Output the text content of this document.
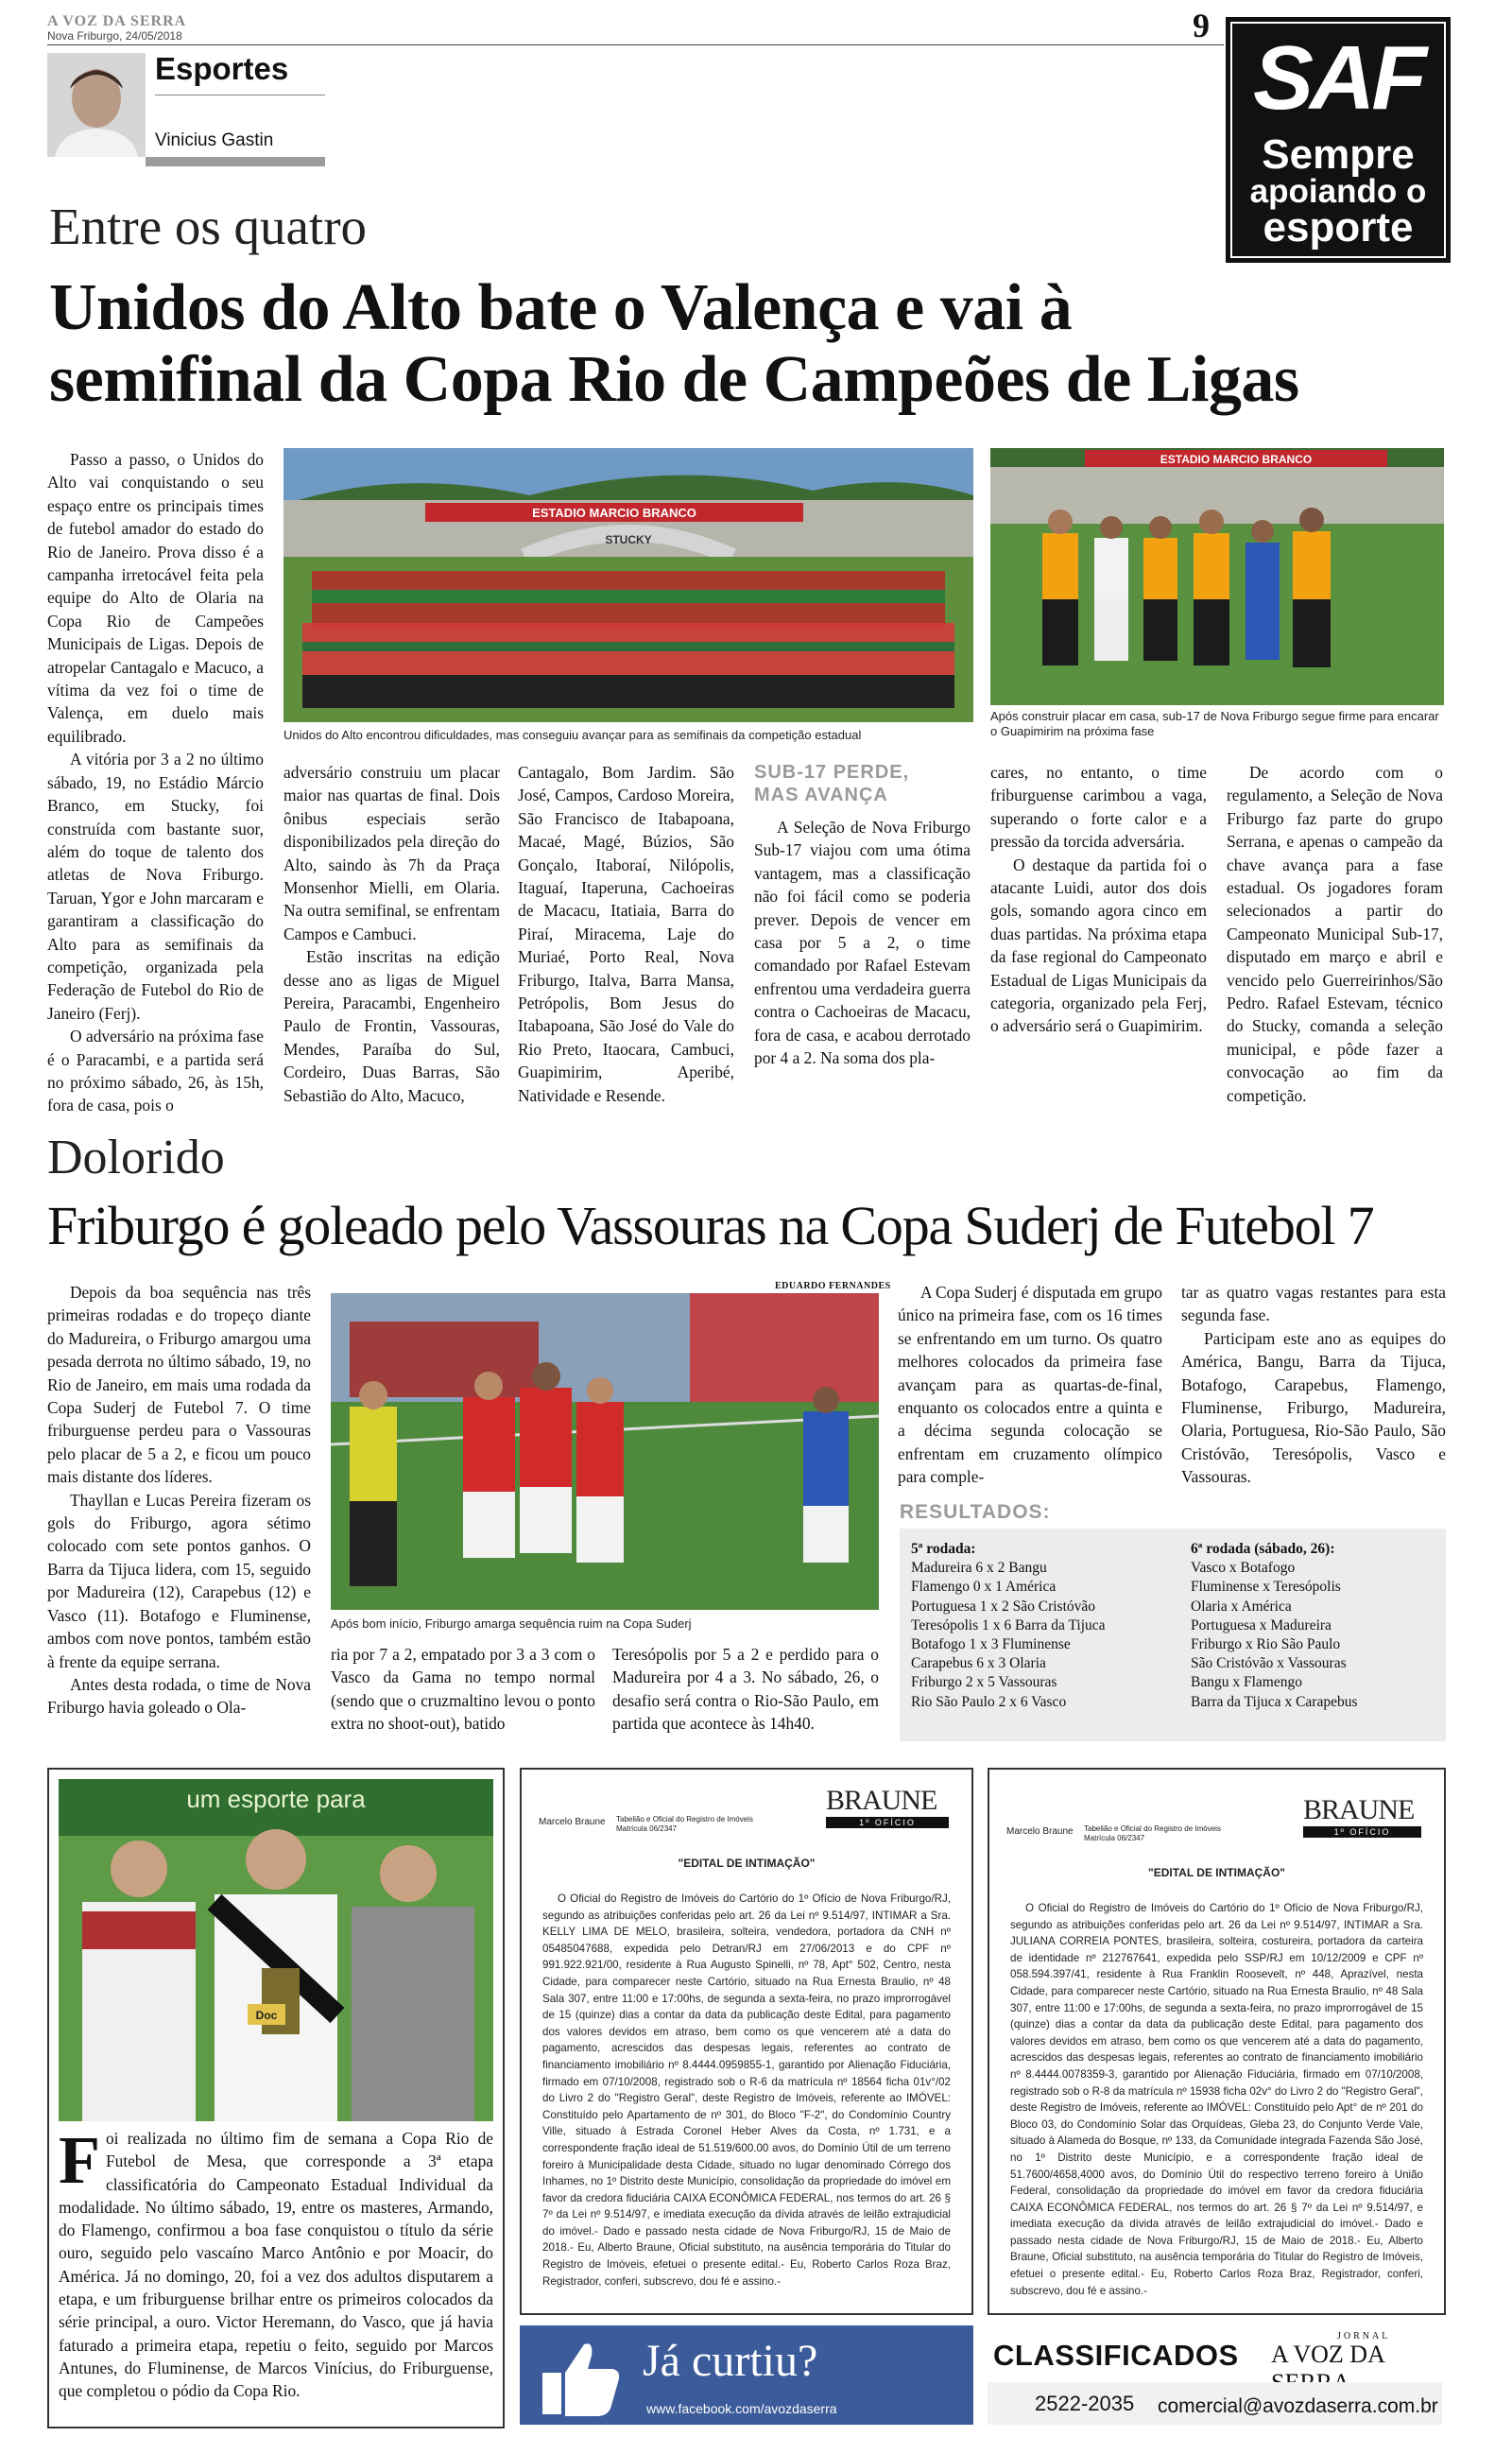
A VOZ DA SERRA
Nova Friburgo, 24/05/2018	9
Esportes
Vinicius Gastin
SAF
Sempre
apoiando o
esporte
Entre os quatro
Unidos do Alto bate o Valença e vai à
semifinal da Copa Rio de Campeões de Ligas

Passo a passo, o Unidos do Alto vai conquistando o seu espaço entre os principais times de futebol amador do estado do Rio de Janeiro. Prova disso é a campanha irretocável feita pela equipe do Alto de Olaria na Copa Rio de Campeões Municipais de Ligas. Depois de atropelar Cantagalo e Macuco, a vítima da vez foi o time de Valença, em duelo mais equilibrado.

A vitória por 3 a 2 no último sábado, 19, no Estádio Márcio Branco, em Stucky, foi construída com bastante suor, além do toque de talento dos atletas de Nova Friburgo. Taruan, Ygor e John marcaram e garantiram a classificação do Alto para as semifinais da competição, organizada pela Federação de Futebol do Rio de Janeiro (Ferj).

O adversário na próxima fase é o Paracambi, e a partida será no próximo sábado, 26, às 15h, fora de casa, pois o

ESTADIO MARCIO BRANCO
STUCKY
Unidos do Alto encontrou dificuldades, mas conseguiu avançar para as semifinais da competição estadual
ESTADIO MARCIO BRANCO
Após construir placar em casa, sub-17 de Nova Friburgo segue firme para encarar o Guapimirim na próxima fase

adversário construiu um placar maior nas quartas de final. Dois ônibus especiais serão disponibilizados pela direção do Alto, saindo às 7h da Praça Monsenhor Mielli, em Olaria. Na outra semifinal, se enfrentam Campos e Cambuci.

Estão inscritas na edição desse ano as ligas de Miguel Pereira, Paracambi, Engenheiro Paulo de Frontin, Vassouras, Mendes, Paraíba do Sul, Cordeiro, Duas Barras, São Sebastião do Alto, Macuco,

Cantagalo, Bom Jardim. São José, Campos, Cardoso Moreira, São Francisco de Itabapoana, Macaé, Magé, Búzios, São Gonçalo, Itaboraí, Nilópolis, Itaguaí, Itaperuna, Cachoeiras de Macacu, Itatiaia, Barra do Piraí, Miracema, Laje do Muriaé, Porto Real, Nova Friburgo, Italva, Barra Mansa, Petrópolis, Bom Jesus do Itabapoana, São José do Vale do Rio Preto, Itaocara, Cambuci, Guapimirim, Aperibé, Natividade e Resende.

SUB-17 PERDE,
MAS AVANÇA

A Seleção de Nova Friburgo Sub-17 viajou com uma ótima vantagem, mas a classificação não foi fácil como se poderia prever. Depois de vencer em casa por 5 a 2, o time comandado por Rafael Estevam enfrentou uma verdadeira guerra contra o Cachoeiras de Macacu, fora de casa, e acabou derrotado por 4 a 2. Na soma dos pla-

cares, no entanto, o time friburguense carimbou a vaga, superando o forte calor e a pressão da torcida adversária.

O destaque da partida foi o atacante Luidi, autor dos dois gols, somando agora cinco em duas partidas. Na próxima etapa da fase regional do Campeonato Estadual de Ligas Municipais da categoria, organizado pela Ferj, o adversário será o Guapimirim.

De acordo com o regulamento, a Seleção de Nova Friburgo faz parte do grupo Serrana, e apenas o campeão da chave avança para a fase estadual. Os jogadores foram selecionados a partir do Campeonato Municipal Sub-17, disputado em março e abril e vencido pelo Guerreirinhos/São Pedro. Rafael Estevam, técnico do Stucky, comanda a seleção municipal, e pôde fazer a convocação ao fim da competição.

Dolorido
Friburgo é goleado pelo Vassouras na Copa Suderj de Futebol 7

Depois da boa sequência nas três primeiras rodadas e do tropeço diante do Madureira, o Friburgo amargou uma pesada derrota no último sábado, 19, no Rio de Janeiro, em mais uma rodada da Copa Suderj de Futebol 7. O time friburguense perdeu para o Vassouras pelo placar de 5 a 2, e ficou um pouco mais distante dos líderes.

Thayllan e Lucas Pereira fizeram os gols do Friburgo, agora sétimo colocado com sete pontos ganhos. O Barra da Tijuca lidera, com 15, seguido por Madureira (12), Carapebus (12) e Vasco (11). Botafogo e Fluminense, ambos com nove pontos, também estão à frente da equipe serrana.

Antes desta rodada, o time de Nova Friburgo havia goleado o Ola-

EDUARDO FERNANDES
Após bom início, Friburgo amarga sequência ruim na Copa Suderj

ria por 7 a 2, empatado por 3 a 3 com o Vasco da Gama no tempo normal (sendo que o cruzmaltino levou o ponto extra no shoot-out), batido

Teresópolis por 5 a 2 e perdido para o Madureira por 4 a 3. No sábado, 26, o desafio será contra o Rio-São Paulo, em partida que acontece às 14h40.

A Copa Suderj é disputada em grupo único na primeira fase, com os 16 times se enfrentando em um turno. Os quatro melhores colocados da primeira fase avançam para as quartas-de-final, enquanto os colocados entre a quinta e a décima segunda colocação se enfrentam em cruzamento olímpico para comple-

tar as quatro vagas restantes para esta segunda fase.

Participam este ano as equipes do América, Bangu, Barra da Tijuca, Botafogo, Carapebus, Flamengo, Fluminense, Friburgo, Madureira, Olaria, Portuguesa, Rio-São Paulo, São Cristóvão, Teresópolis, Vasco e Vassouras.

RESULTADOS:
5ª rodada:
Madureira 6 x 2 Bangu
Flamengo 0 x 1 América
Portuguesa 1 x 2 São Cristóvão
Teresópolis 1 x 6 Barra da Tijuca
Botafogo 1 x 3 Fluminense
Carapebus 6 x 3 Olaria
Friburgo 2 x 5 Vassouras
Rio São Paulo 2 x 6 Vasco
6ª rodada (sábado, 26):
Vasco x Botafogo
Fluminense x Teresópolis
Olaria x América
Portuguesa x Madureira
Friburgo x Rio São Paulo
São Cristóvão x Vassouras
Bangu x Flamengo
Barra da Tijuca x Carapebus
um esporte para
Doc
F oi realizada no último fim de semana a Copa Rio de Futebol de Mesa, que corresponde a 3ª etapa classificatória do Campeonato Estadual Individual da modalidade. No último sábado, 19, entre os masteres, Armando, do Flamengo, confirmou a boa fase conquistou o título da série ouro, seguido pelo vascaíno Marco Antônio e por Moacir, do América. Já no domingo, 20, foi a vez dos adultos disputarem a etapa, e um friburguense brilhar entre os primeiros colocados da série principal, a ouro. Victor Heremann, do Vasco, que já havia faturado a primeira etapa, repetiu o feito, seguido por Marcos Antunes, do Fluminense, de Marcos Vinícius, do Friburguense, que completou o pódio da Copa Rio.
BRAUNE
1º OFÍCIO
Marcelo Braune Tabelião e Oficial do Registro de Imóveis
Matrícula 06/2347
"EDITAL DE INTIMAÇÃO"
O Oficial do Registro de Imóveis do Cartório do 1º Ofício de Nova Friburgo/RJ, segundo as atribuições conferidas pelo art. 26 da Lei nº 9.514/97, INTIMAR a Sra. KELLY LIMA DE MELO, brasileira, solteira, vendedora, portadora da CNH nº 05485047688, expedida pelo Detran/RJ em 27/06/2013 e do CPF nº 991.922.921/00, residente à Rua Augusto Spinelli, nº 78, Apt° 502, Centro, nesta Cidade, para comparecer neste Cartório, situado na Rua Ernesta Braulio, nº 48 Sala 307, entre 11:00 e 17:00hs, de segunda a sexta-feira, no prazo improrrogável de 15 (quinze) dias a contar da data da publicação deste Edital, para pagamento dos valores devidos em atraso, bem como os que vencerem até a data do pagamento, acrescidos das despesas legais, referentes ao contrato de financiamento imobiliário nº 8.4444.0959855-1, garantido por Alienação Fiduciária, firmado em 07/10/2008, registrado sob o R-6 da matrícula nº 18564 ficha 01v°/02 do Livro 2 do "Registro Geral", deste Registro de Imóveis, referente ao IMÓVEL: Constituído pelo Apartamento de nº 301, do Bloco "F-2", do Condomínio Country Ville, situado à Estrada Coronel Heber Alves da Costa, nº 1.731, e a correspondente fração ideal de 51.519/600.00 avos, do Domínio Útil de um terreno foreiro à Municipalidade desta Cidade, situado no lugar denominado Córrego dos Inhames, no 1º Distrito deste Município, consolidação da propriedade do imóvel em favor da credora fiduciária CAIXA ECONÔMICA FEDERAL, nos termos do art. 26 § 7º da Lei nº 9.514/97, e imediata execução da dívida através de leilão extrajudicial do imóvel.- Dado e passado nesta cidade de Nova Friburgo/RJ, 15 de Maio de 2018.- Eu, Alberto Braune, Oficial substituto, na ausência temporária do Titular do Registro de Imóveis, efetuei o presente edital.- Eu, Roberto Carlos Roza Braz, Registrador, conferi, subscrevo, dou fé e assino.-
BRAUNE
1º OFÍCIO
Marcelo Braune Tabelião e Oficial do Registro de Imóveis
Matrícula 06/2347
"EDITAL DE INTIMAÇÃO"
O Oficial do Registro de Imóveis do Cartório do 1º Ofício de Nova Friburgo/RJ, segundo as atribuições conferidas pelo art. 26 da Lei nº 9.514/97, INTIMAR a Sra. JULIANA CORREIA PONTES, brasileira, solteira, costureira, portadora da carteira de identidade nº 212767641, expedida pelo SSP/RJ em 10/12/2009 e CPF nº 058.594.397/41, residente à Rua Franklin Roosevelt, nº 448, Aprazível, nesta Cidade, para comparecer neste Cartório, situado na Rua Ernesta Braulio, nº 48 Sala 307, entre 11:00 e 17:00hs, de segunda a sexta-feira, no prazo improrrogável de 15 (quinze) dias a contar da data da publicação deste Edital, para pagamento dos valores devidos em atraso, bem como os que vencerem até a data do pagamento, acrescidos das despesas legais, referentes ao contrato de financiamento imobiliário nº 8.4444.0078359-3, garantido por Alienação Fiduciária, firmado em 07/10/2008, registrado sob o R-8 da matrícula nº 15938 ficha 02v° do Livro 2 do "Registro Geral", deste Registro de Imóveis, referente ao IMÓVEL: Constituído pelo Apt° de nº 201 do Bloco 03, do Condomínio Solar das Orquídeas, Gleba 23, do Conjunto Verde Vale, situado à Alameda do Bosque, nº 133, da Comunidade integrada Fazenda São José, no 1º Distrito deste Município, e a correspondente fração ideal de 51.7600/4658,4000 avos, do Domínio Útil do respectivo terreno foreiro à União Federal, consolidação da propriedade do imóvel em favor da credora fiduciária CAIXA ECONÔMICA FEDERAL, nos termos do art. 26 § 7º da Lei nº 9.514/97, e imediata execução da dívida através de leilão extrajudicial do imóvel.- Dado e passado nesta cidade de Nova Friburgo/RJ, 15 de Maio de 2018.- Eu, Alberto Braune, Oficial substituto, na ausência temporária do Titular do Registro de Imóveis, efetuei o presente edital.- Eu, Roberto Carlos Roza Braz, Registrador, conferi, subscrevo, dou fé e assino.-
Já curtiu?
www.facebook.com/avozdaserra
CLASSIFICADOS
JORNAL
A VOZ DA
2522-2035 comercial@avozdaserra.com.br
